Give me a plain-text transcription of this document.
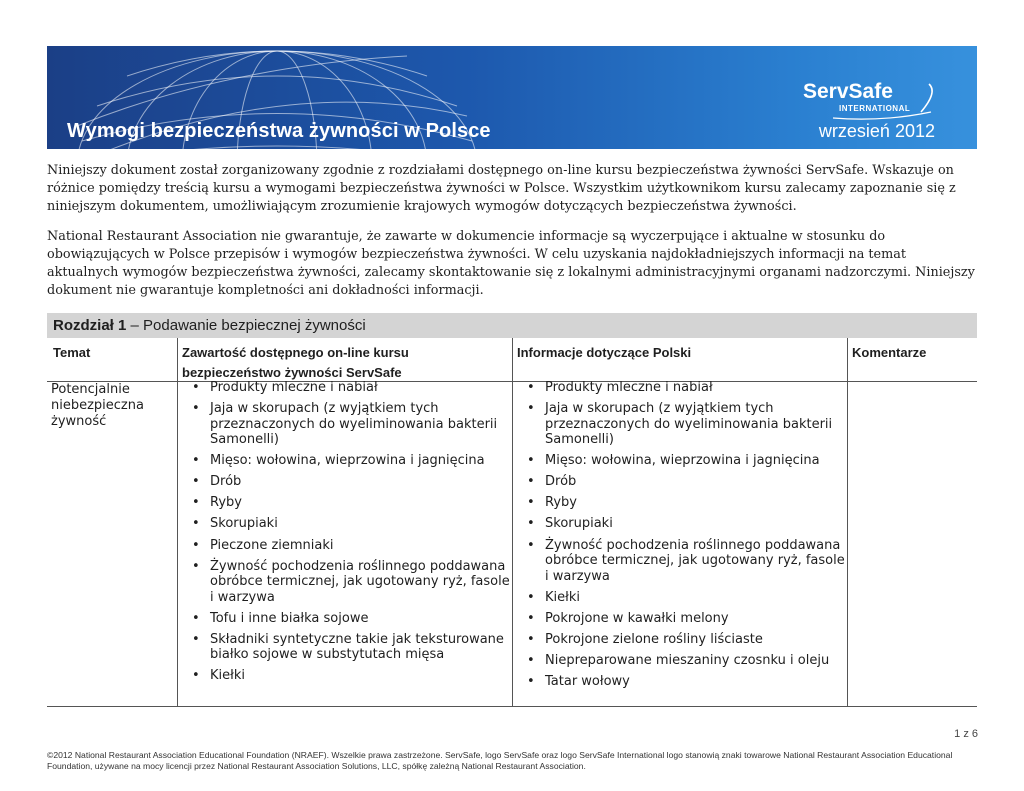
Wymogi bezpieczeństwa żywności w Polsce
ServSafe
INTERNATIONAL
wrzesień 2012

Niniejszy dokument został zorganizowany zgodnie z rozdziałami dostępnego on-line kursu bezpieczeństwa żywności ServSafe. Wskazuje on różnice pomiędzy treścią kursu a wymogami bezpieczeństwa żywności w Polsce. Wszystkim użytkownikom kursu zalecamy zapoznanie się z niniejszym dokumentem, umożliwiającym zrozumienie krajowych wymogów dotyczących bezpieczeństwa żywności.

National Restaurant Association nie gwarantuje, że zawarte w dokumencie informacje są wyczerpujące i aktualne w stosunku do obowiązujących w Polsce przepisów i wymogów bezpieczeństwa żywności. W celu uzyskania najdokładniejszych informacji na temat aktualnych wymogów bezpieczeństwa żywności, zalecamy skontaktowanie się z lokalnymi administracyjnymi organami nadzorczymi. Niniejszy dokument nie gwarantuje kompletności ani dokładności informacji.

Rozdział 1 – Podawanie bezpiecznej żywności
Temat	Zawartość dostępnego on-line kursu bezpieczeństwo żywności ServSafe
Informacje dotyczące Polski	Komentarze
Potencjalnie
niebezpieczna
żywność
• Produkty mleczne i nabiał
• Jaja w skorupach (z wyjątkiem tych przeznaczonych do wyeliminowania bakterii Samonelli)
• Mięso: wołowina, wieprzowina i jagnięcina
• Drób
• Ryby
• Skorupiaki
• Pieczone ziemniaki
• Żywność pochodzenia roślinnego poddawana obróbce termicznej, jak ugotowany ryż, fasole i warzywa
• Tofu i inne białka sojowe
• Składniki syntetyczne takie jak teksturowane białko sojowe w substytutach mięsa
• Kiełki
• Produkty mleczne i nabiał
• Jaja w skorupach (z wyjątkiem tych przeznaczonych do wyeliminowania bakterii Samonelli)
• Mięso: wołowina, wieprzowina i jagnięcina
• Drób
• Ryby
• Skorupiaki
• Żywność pochodzenia roślinnego poddawana obróbce termicznej, jak ugotowany ryż, fasole i warzywa
• Kiełki
• Pokrojone w kawałki melony
• Pokrojone zielone rośliny liściaste
• Niepreparowane mieszaniny czosnku i oleju
• Tatar wołowy
1 z 6
©2012 National Restaurant Association Educational Foundation (NRAEF). Wszelkie prawa zastrzeżone. ServSafe, logo ServSafe oraz logo ServSafe International logo stanowią znaki towarowe National Restaurant Association Educational Foundation, używane na mocy licencji przez National Restaurant Association Solutions, LLC, spółkę zależną National Restaurant Association.
